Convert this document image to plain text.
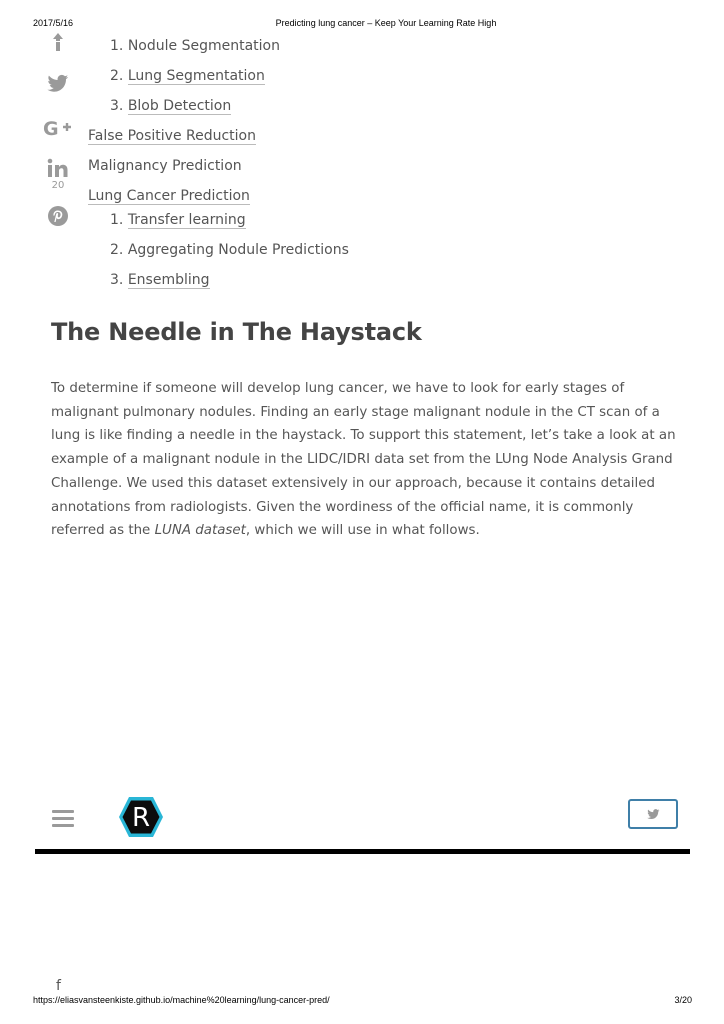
2017/5/16	Predicting lung cancer – Keep Your Learning Rate High
G
20
1. Nodule Segmentation
2. Lung Segmentation
3. Blob Detection
False Positive Reduction
Malignancy Prediction
Lung Cancer Prediction
1. Transfer learning
2. Aggregating Nodule Predictions
3. Ensembling
The Needle in The Haystack

To determine if someone will develop lung cancer, we have to look for early stages of malignant pulmonary nodules. Finding an early stage malignant nodule in the CT scan of a lung is like finding a needle in the haystack. To support this statement, let’s take a look at an example of a malignant nodule in the LIDC/IDRI data set from the LUng Node Analysis Grand Challenge. We used this dataset extensively in our approach, because it contains detailed annotations from radiologists. Given the wordiness of the official name, it is commonly referred as the LUNA dataset, which we will use in what follows.

R
f
https://eliasvansteenkiste.github.io/machine%20learning/lung-cancer-pred/	3/20
